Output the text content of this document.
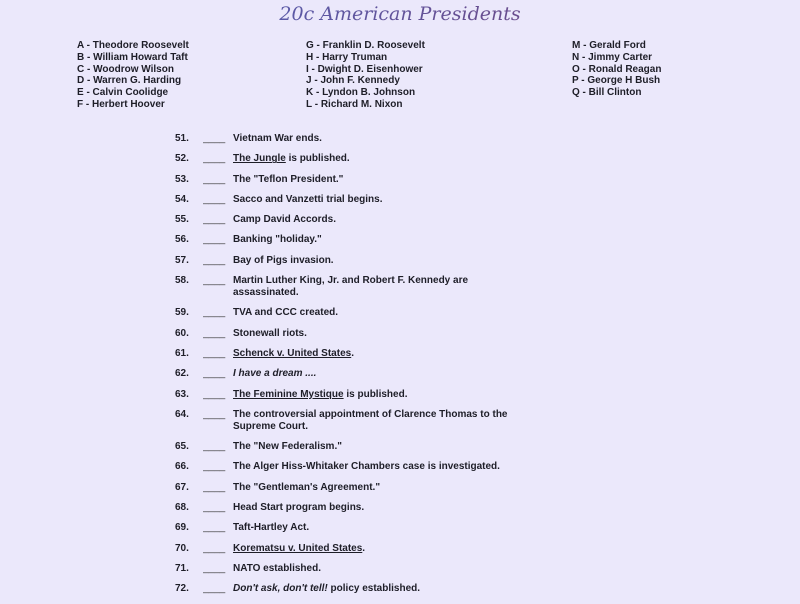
20c American Presidents
A - Theodore Roosevelt
B - William Howard Taft
C - Woodrow Wilson
D - Warren G. Harding
E - Calvin Coolidge
F - Herbert Hoover
G - Franklin D. Roosevelt
H - Harry Truman
I - Dwight D. Eisenhower
J - John F. Kennedy
K - Lyndon B. Johnson
L - Richard M. Nixon
M - Gerald Ford
N - Jimmy Carter
O - Ronald Reagan
P - George H Bush
Q - Bill Clinton
51.	____ Vietnam War ends.
52.	____ The Jungle is published.
53.	____ The "Teflon President."
54.	____ Sacco and Vanzetti trial begins.
55.	____ Camp David Accords.
56.	____ Banking "holiday."
57.	____ Bay of Pigs invasion.
58.	____ Martin Luther King, Jr. and Robert F. Kennedy are assassinated.
59.	____ TVA and CCC created.
60.	____ Stonewall riots.
61.	____ Schenck v. United States.
62.	____ I have a dream ....
63.	____ The Feminine Mystique is published.
64.	____ The controversial appointment of Clarence Thomas to the Supreme Court.
65.	____ The "New Federalism."
66.	____ The Alger Hiss-Whitaker Chambers case is investigated.
67.	____ The "Gentleman's Agreement."
68.	____ Head Start program begins.
69.	____ Taft-Hartley Act.
70.	____ Korematsu v. United States.
71.	____ NATO established.
72.	____ Don't ask, don't tell! policy established.
